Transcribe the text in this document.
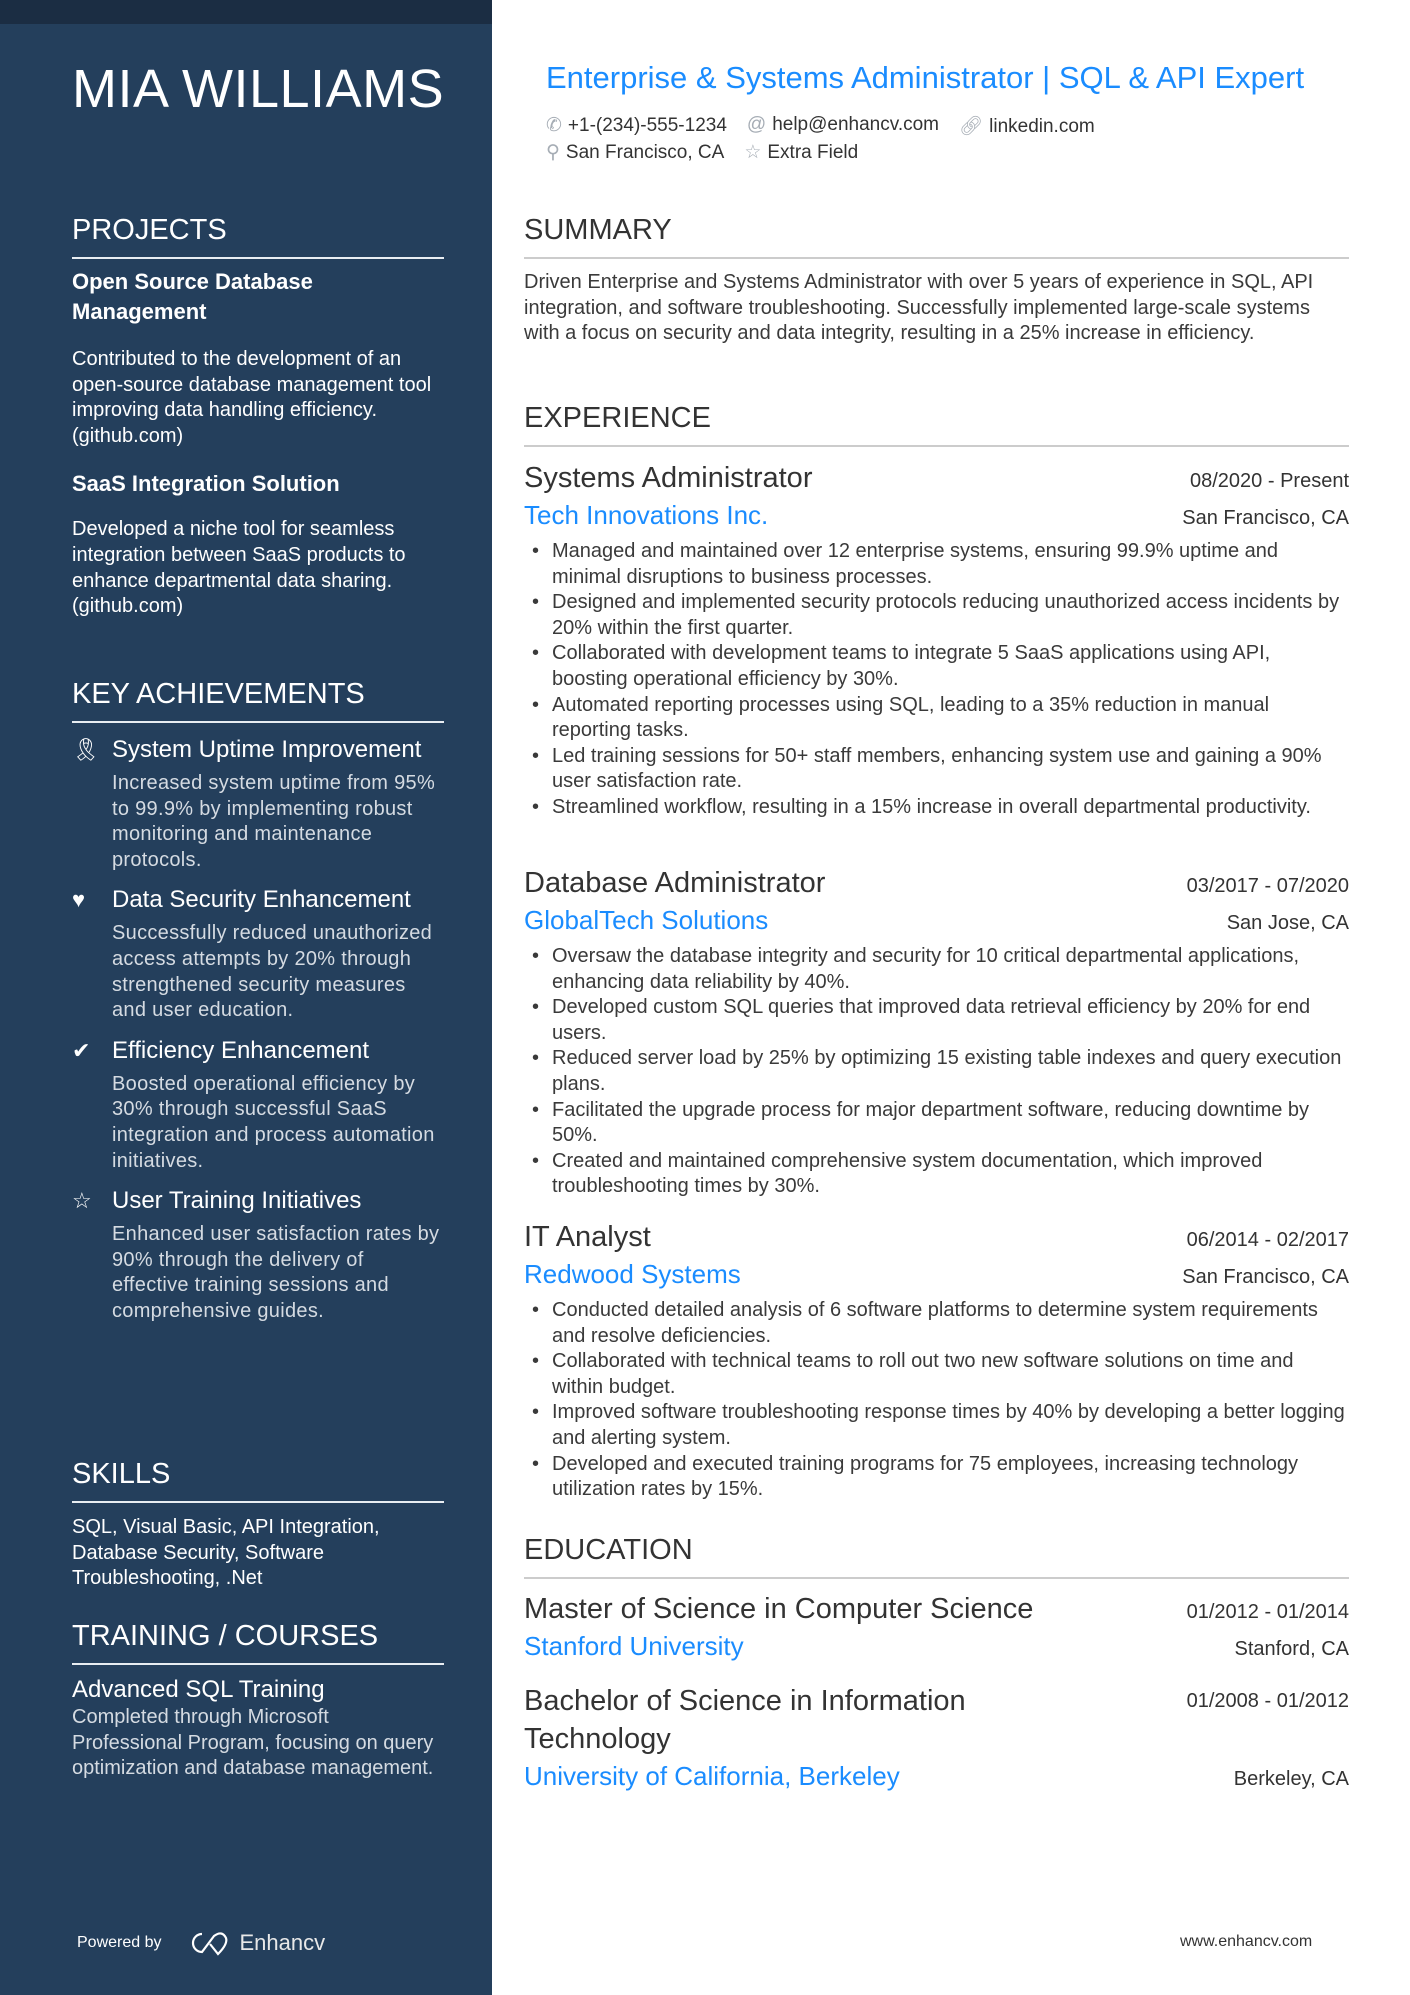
MIA WILLIAMS
PROJECTS
Open Source Database Management
Contributed to the development of an open-source database management tool improving data handling efficiency. (github.com)
SaaS Integration Solution
Developed a niche tool for seamless integration between SaaS products to enhance departmental data sharing. (github.com)
KEY ACHIEVEMENTS
🎗︎ System Uptime Improvement
Increased system uptime from 95% to 99.9% by implementing robust monitoring and maintenance protocols.
♥	Data Security Enhancement
Successfully reduced unauthorized access attempts by 20% through strengthened security measures and user education.
✔ Efficiency Enhancement
Boosted operational efficiency by 30% through successful SaaS integration and process automation initiatives.
☆ User Training Initiatives
Enhanced user satisfaction rates by 90% through the delivery of effective training sessions and comprehensive guides.
SKILLS
SQL, Visual Basic, API Integration, Database Security, Software Troubleshooting, .Net
TRAINING / COURSES
Advanced SQL Training
Completed through Microsoft Professional Program, focusing on query optimization and database management.
Powered by	Enhancv
Enterprise & Systems Administrator | SQL & API Expert
✆ +1-(234)-555-1234 @ help@enhancv.com 🔗︎ linkedin.com
⚲ San Francisco, CA ☆ Extra Field
SUMMARY
Driven Enterprise and Systems Administrator with over 5 years of experience in SQL, API integration, and software troubleshooting. Successfully implemented large-scale systems with a focus on security and data integrity, resulting in a 25% increase in efficiency.
EXPERIENCE
Systems Administrator	08/2020 - Present
Tech Innovations Inc.	San Francisco, CA
• Managed and maintained over 12 enterprise systems, ensuring 99.9% uptime and minimal disruptions to business processes.
• Designed and implemented security protocols reducing unauthorized access incidents by 20% within the first quarter.
• Collaborated with development teams to integrate 5 SaaS applications using API, boosting operational efficiency by 30%.
• Automated reporting processes using SQL, leading to a 35% reduction in manual reporting tasks.
• Led training sessions for 50+ staff members, enhancing system use and gaining a 90% user satisfaction rate.
• Streamlined workflow, resulting in a 15% increase in overall departmental productivity.
Database Administrator	03/2017 - 07/2020
GlobalTech Solutions	San Jose, CA
• Oversaw the database integrity and security for 10 critical departmental applications, enhancing data reliability by 40%.
• Developed custom SQL queries that improved data retrieval efficiency by 20% for end users.
• Reduced server load by 25% by optimizing 15 existing table indexes and query execution plans.
• Facilitated the upgrade process for major department software, reducing downtime by 50%.
• Created and maintained comprehensive system documentation, which improved troubleshooting times by 30%.
IT Analyst	06/2014 - 02/2017
Redwood Systems	San Francisco, CA
• Conducted detailed analysis of 6 software platforms to determine system requirements and resolve deficiencies.
• Collaborated with technical teams to roll out two new software solutions on time and within budget.
• Improved software troubleshooting response times by 40% by developing a better logging and alerting system.
• Developed and executed training programs for 75 employees, increasing technology utilization rates by 15%.
EDUCATION
Master of Science in Computer Science	01/2012 - 01/2014
Stanford University	Stanford, CA
Bachelor of Science in Information Technology
01/2008 - 01/2012
University of California, Berkeley	Berkeley, CA
www.enhancv.com
